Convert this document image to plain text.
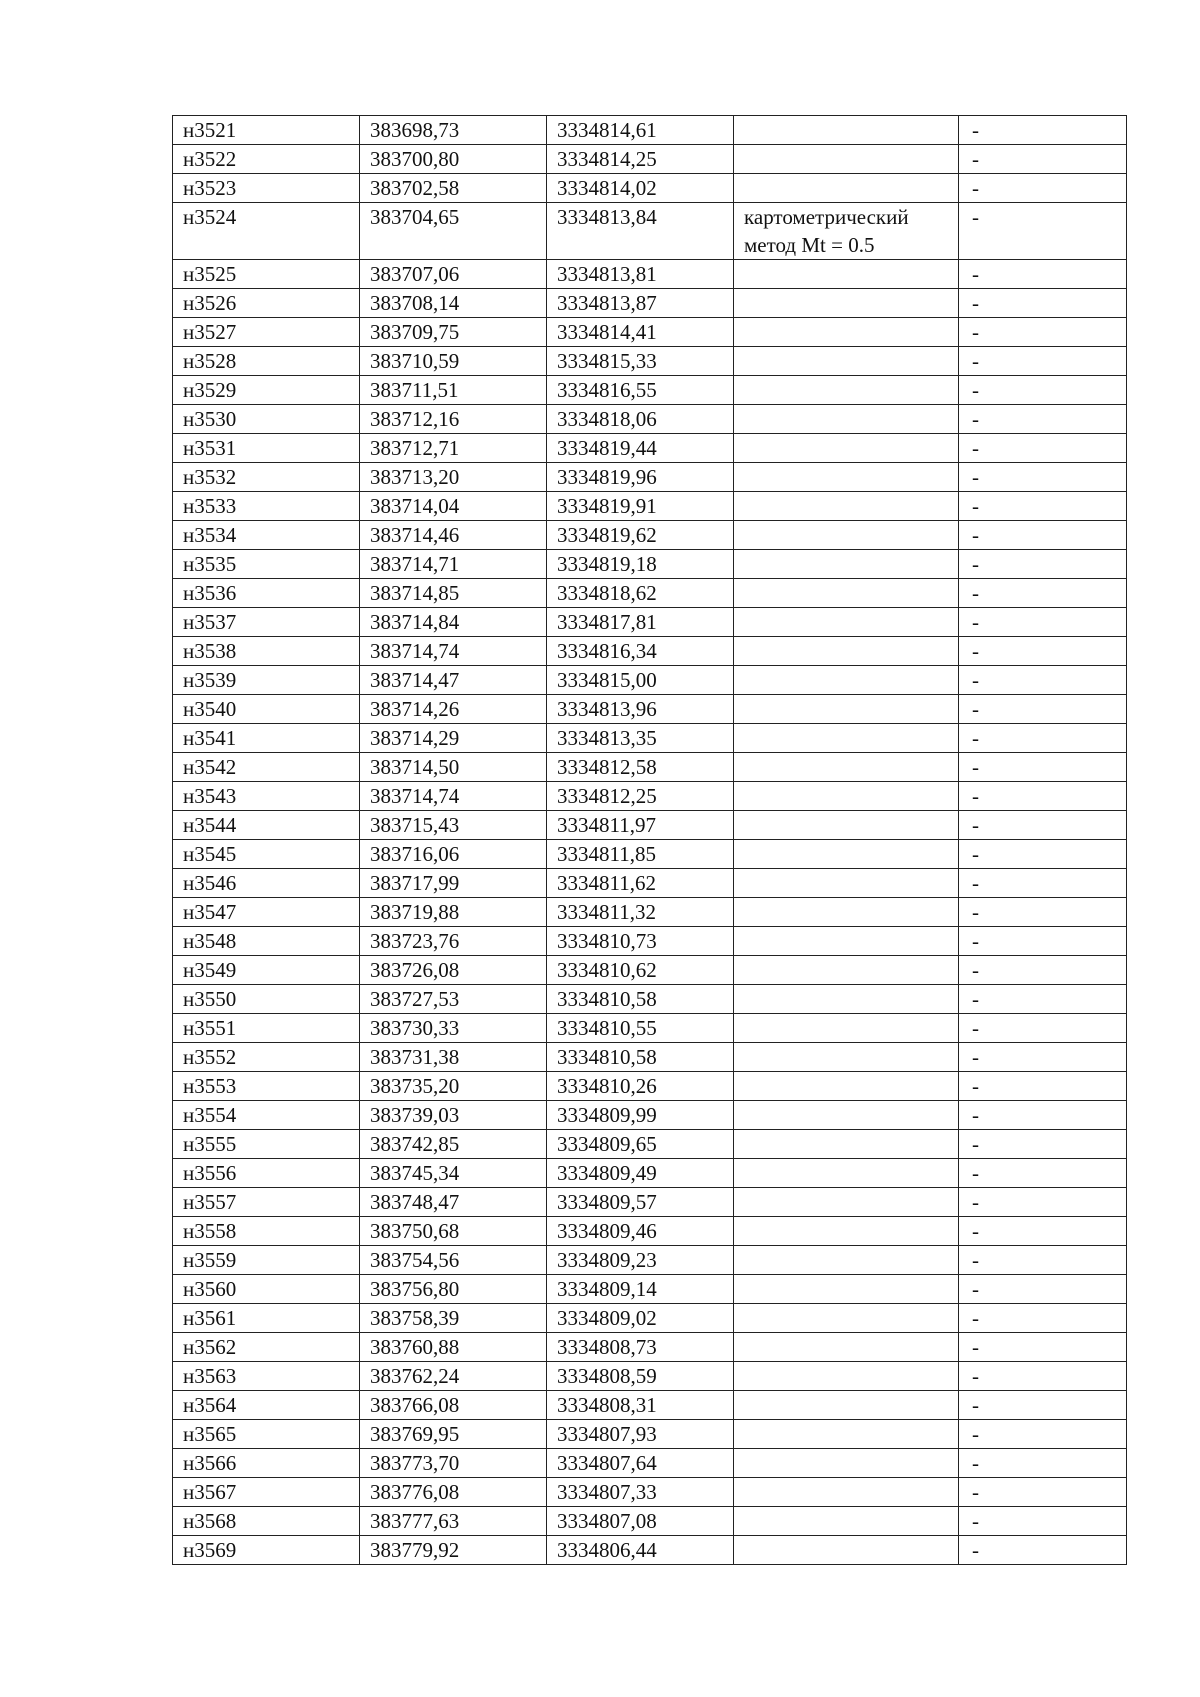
н3521	383698,73	3334814,61		-
н3522	383700,80	3334814,25		-
н3523	383702,58	3334814,02		-
н3524	383704,65	3334813,84	картометрический метод Mt = 0.5	-
н3525	383707,06	3334813,81		-
н3526	383708,14	3334813,87		-
н3527	383709,75	3334814,41		-
н3528	383710,59	3334815,33		-
н3529	383711,51	3334816,55		-
н3530	383712,16	3334818,06		-
н3531	383712,71	3334819,44		-
н3532	383713,20	3334819,96		-
н3533	383714,04	3334819,91		-
н3534	383714,46	3334819,62		-
н3535	383714,71	3334819,18		-
н3536	383714,85	3334818,62		-
н3537	383714,84	3334817,81		-
н3538	383714,74	3334816,34		-
н3539	383714,47	3334815,00		-
н3540	383714,26	3334813,96		-
н3541	383714,29	3334813,35		-
н3542	383714,50	3334812,58		-
н3543	383714,74	3334812,25		-
н3544	383715,43	3334811,97		-
н3545	383716,06	3334811,85		-
н3546	383717,99	3334811,62		-
н3547	383719,88	3334811,32		-
н3548	383723,76	3334810,73		-
н3549	383726,08	3334810,62		-
н3550	383727,53	3334810,58		-
н3551	383730,33	3334810,55		-
н3552	383731,38	3334810,58		-
н3553	383735,20	3334810,26		-
н3554	383739,03	3334809,99		-
н3555	383742,85	3334809,65		-
н3556	383745,34	3334809,49		-
н3557	383748,47	3334809,57		-
н3558	383750,68	3334809,46		-
н3559	383754,56	3334809,23		-
н3560	383756,80	3334809,14		-
н3561	383758,39	3334809,02		-
н3562	383760,88	3334808,73		-
н3563	383762,24	3334808,59		-
н3564	383766,08	3334808,31		-
н3565	383769,95	3334807,93		-
н3566	383773,70	3334807,64		-
н3567	383776,08	3334807,33		-
н3568	383777,63	3334807,08		-
н3569	383779,92	3334806,44		-
